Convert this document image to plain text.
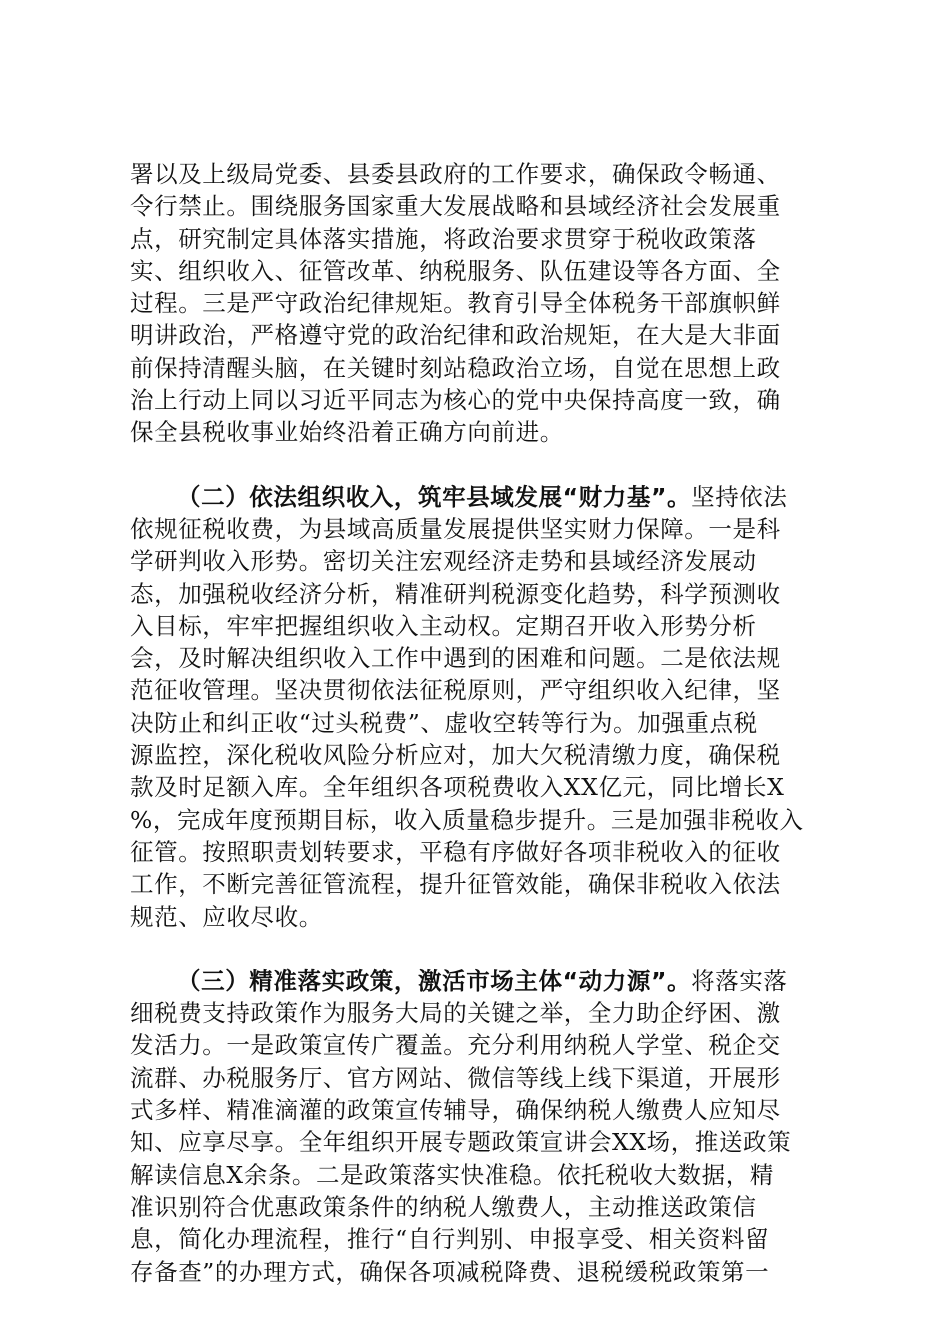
署以及上级局党委、县委县政府的工作要求，确保政令畅通、
令行禁止。围绕服务国家重大发展战略和县域经济社会发展重
点，研究制定具体落实措施，将政治要求贯穿于税收政策落
实、组织收入、征管改革、纳税服务、队伍建设等各方面、全
过程。三是严守政治纪律规矩。教育引导全体税务干部旗帜鲜
明讲政治，严格遵守党的政治纪律和政治规矩，在大是大非面
前保持清醒头脑，在关键时刻站稳政治立场，自觉在思想上政
治上行动上同以习近平同志为核心的党中央保持高度一致，确
保全县税收事业始终沿着正确方向前进。
（二）依法组织收入，筑牢县域发展“财力基”。坚持依法
依规征税收费，为县域高质量发展提供坚实财力保障。一是科
学研判收入形势。密切关注宏观经济走势和县域经济发展动
态，加强税收经济分析，精准研判税源变化趋势，科学预测收
入目标，牢牢把握组织收入主动权。定期召开收入形势分析
会，及时解决组织收入工作中遇到的困难和问题。二是依法规
范征收管理。坚决贯彻依法征税原则，严守组织收入纪律，坚
决防止和纠正收“过头税费”、虚收空转等行为。加强重点税
源监控，深化税收风险分析应对，加大欠税清缴力度，确保税
款及时足额入库。全年组织各项税费收入XX亿元，同比增长X
%，完成年度预期目标，收入质量稳步提升。三是加强非税收入
征管。按照职责划转要求，平稳有序做好各项非税收入的征收
工作，不断完善征管流程，提升征管效能，确保非税收入依法
规范、应收尽收。
（三）精准落实政策，激活市场主体“动力源”。将落实落
细税费支持政策作为服务大局的关键之举，全力助企纾困、激
发活力。一是政策宣传广覆盖。充分利用纳税人学堂、税企交
流群、办税服务厅、官方网站、微信等线上线下渠道，开展形
式多样、精准滴灌的政策宣传辅导，确保纳税人缴费人应知尽
知、应享尽享。全年组织开展专题政策宣讲会XX场，推送政策
解读信息X余条。二是政策落实快准稳。依托税收大数据，精
准识别符合优惠政策条件的纳税人缴费人，主动推送政策信
息，简化办理流程，推行“自行判别、申报享受、相关资料留
存备查”的办理方式，确保各项减税降费、退税缓税政策第一
